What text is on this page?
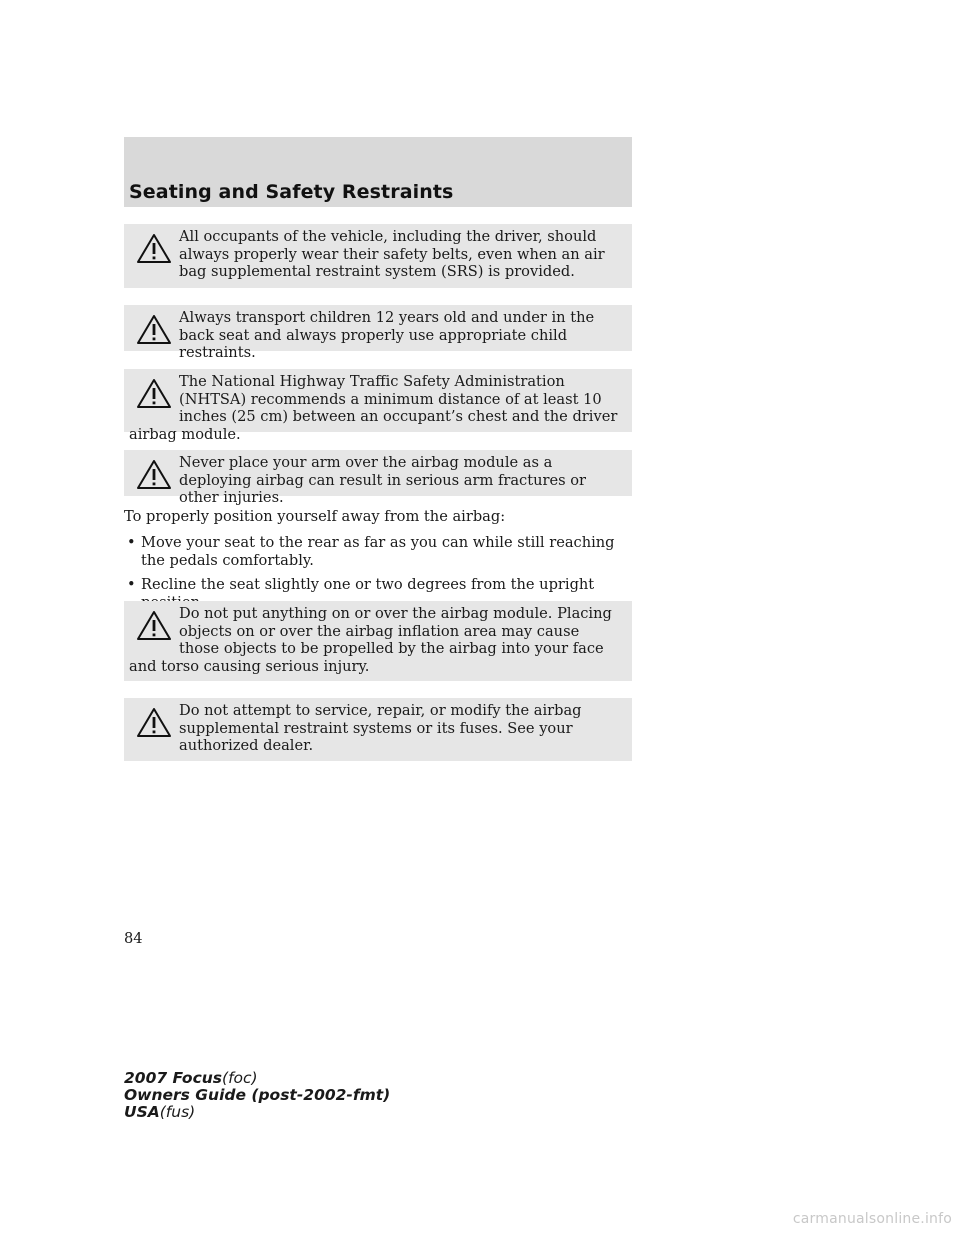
Seating and Safety Restraints

All occupants of the vehicle, including the driver, should always properly wear their safety belts, even when an air bag supplemental restraint system (SRS) is provided.

Always transport children 12 years old and under in the back seat and always properly use appropriate child restraints.

The National Highway Traffic Safety Administration (NHTSA) recommends a minimum distance of at least 10 inches (25 cm) between an occupant’s chest and the driver airbag module.

Never place your arm over the airbag module as a deploying airbag can result in serious arm fractures or other injuries.

To properly position yourself away from the airbag:

• Move your seat to the rear as far as you can while still reaching the pedals comfortably.
• Recline the seat slightly one or two degrees from the upright

Do not put anything on or over the airbag module. Placing objects on or over the airbag inflation area may cause those objects to be propelled by the airbag into your face and torso causing serious injury.

Do not attempt to service, repair, or modify the airbag supplemental restraint systems or its fuses. See your authorized dealer.

84
2007 Focus(foc)
Owners Guide (post-2002-fmt)
USA(fus)
carmanualsonline.info
